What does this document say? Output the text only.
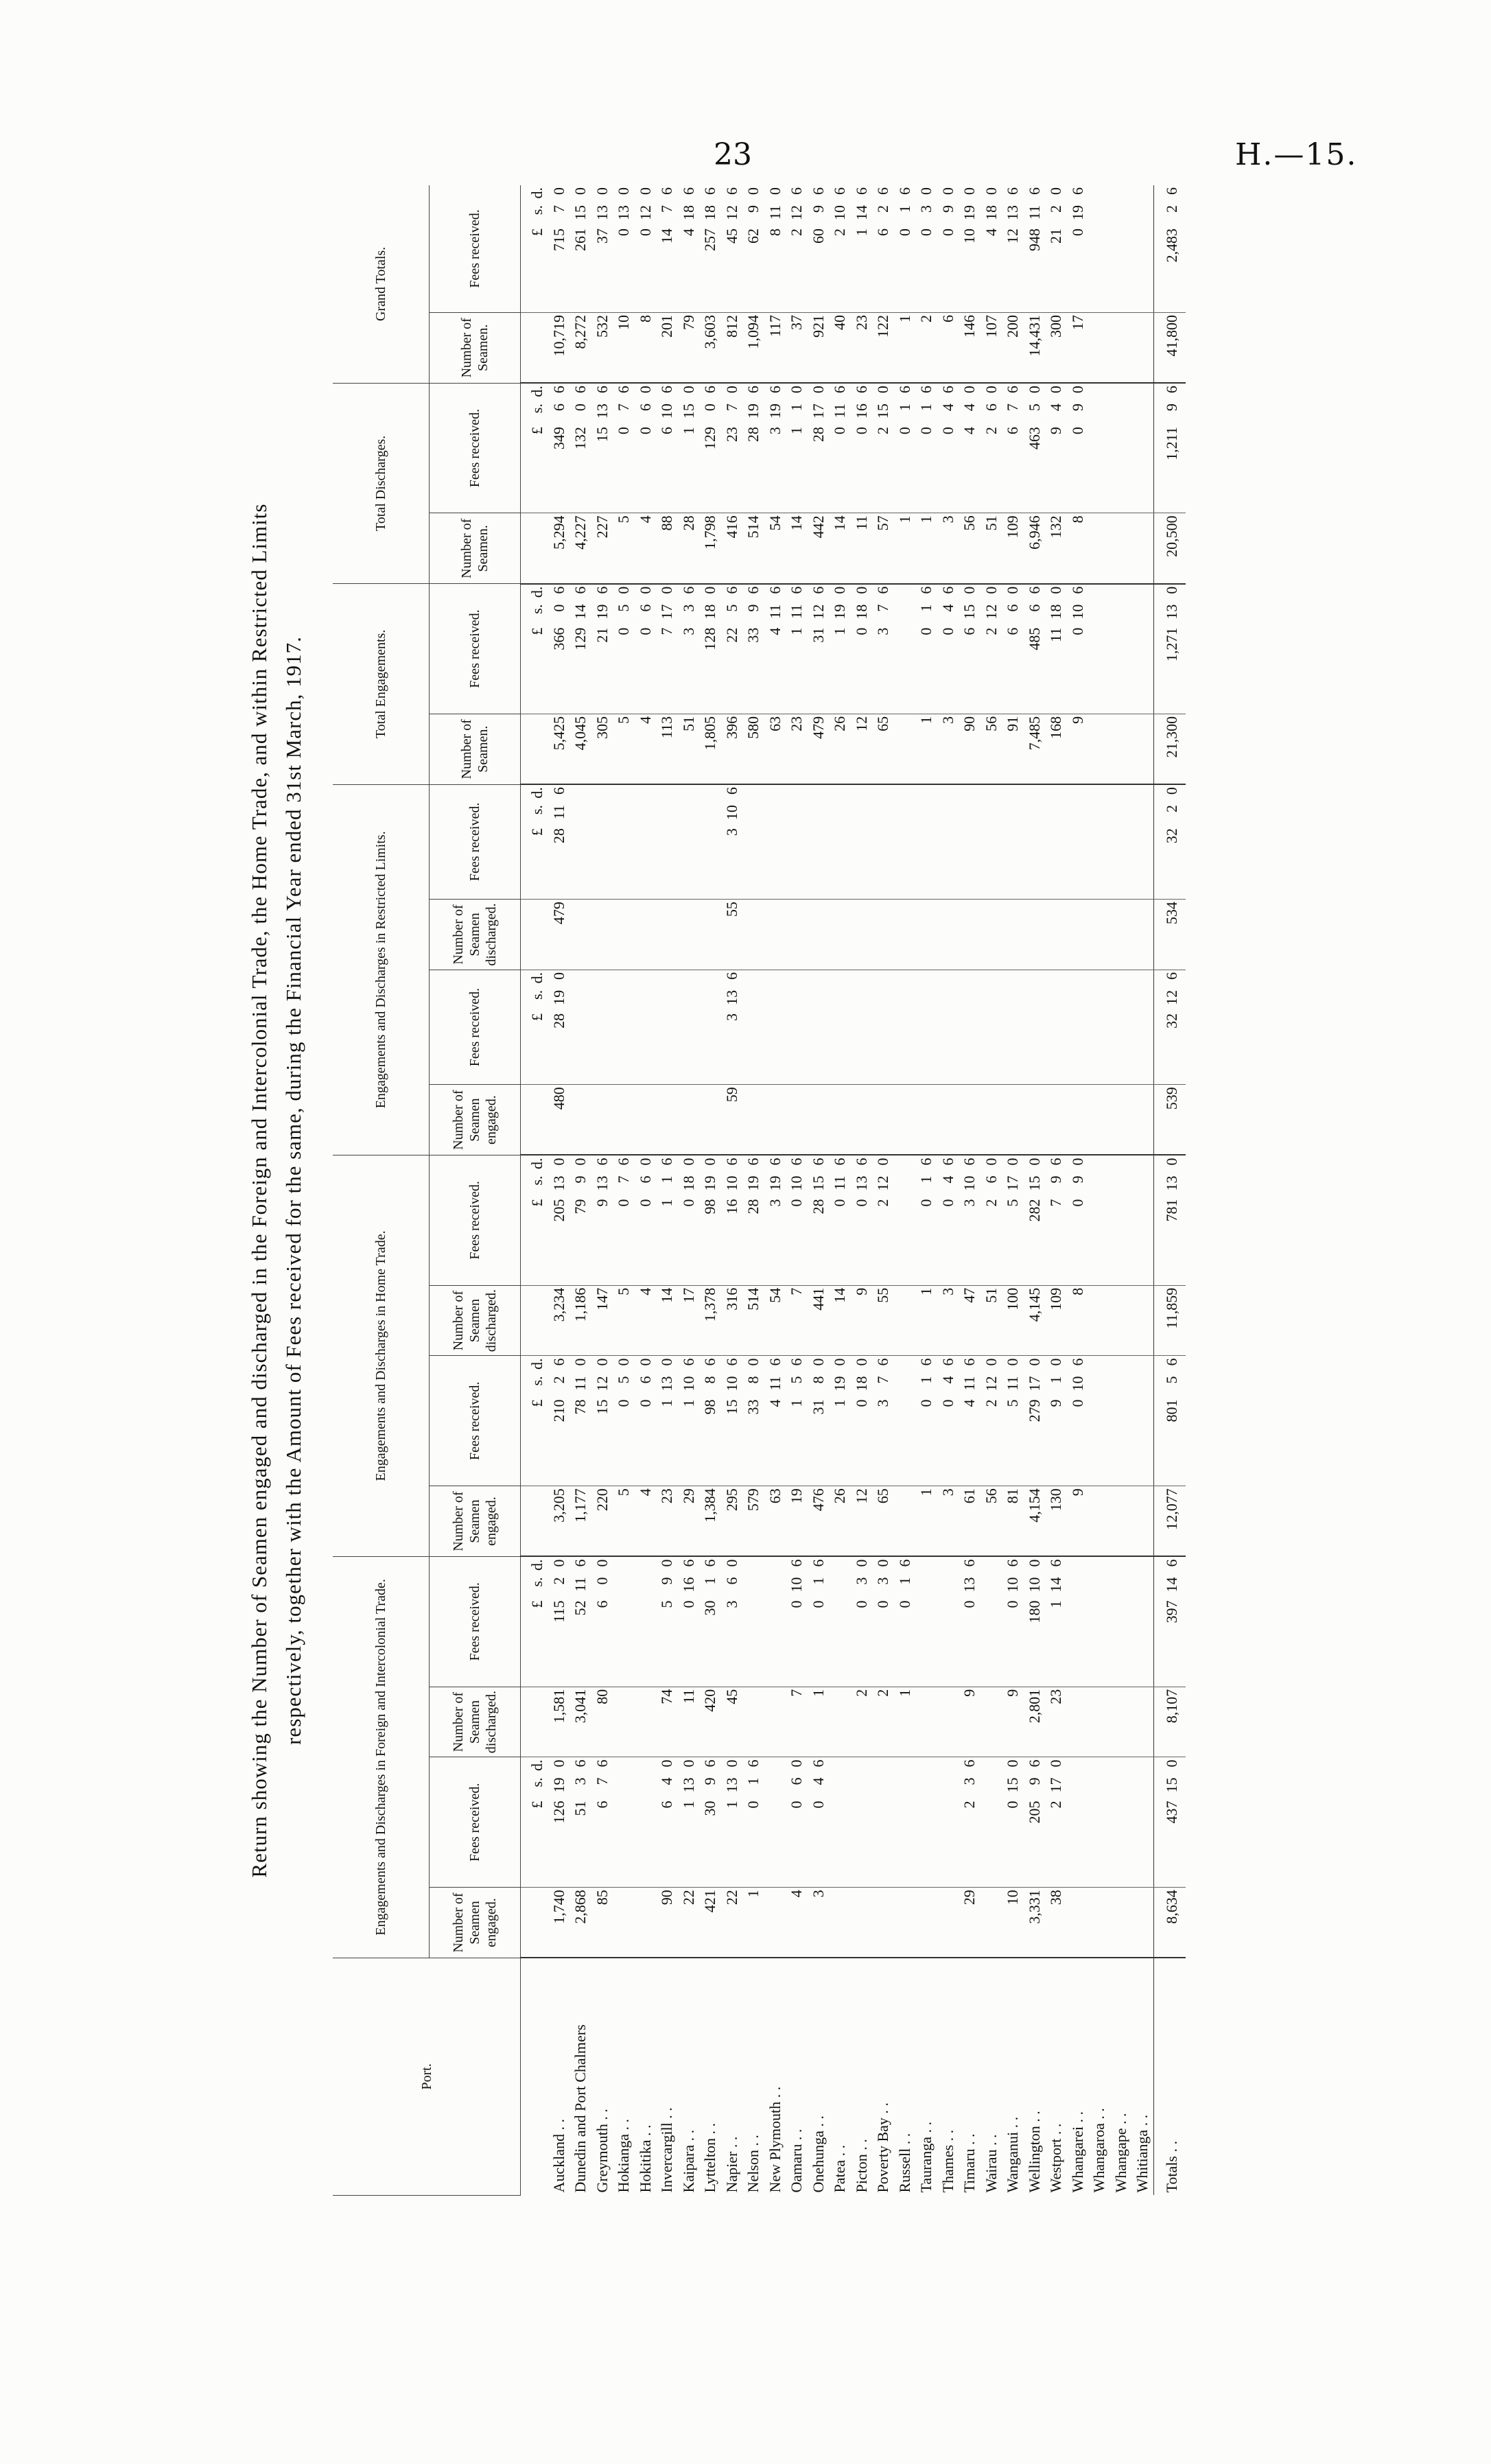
23	H.—15.
Return showing the Number of Seamen engaged and discharged in the Foreign and Intercolonial Trade, the Home Trade, and within Restricted Limits respectively, together with the Amount of Fees received for the same, during the Financial Year ended 31st March, 1917.
Port.	Engagements and Discharges in Foreign and Intercolonial Trade.				Engagements and Discharges in Home Trade.				Engagements and Discharges in Restricted Limits.				Total Engagements.		Total Discharges.		Grand Totals.	
	Number of Seamen engaged.	Fees received.	Number of Seamen discharged.	Fees received.	Number of Seamen engaged.	Fees received.	Number of Seamen discharged.	Fees received.	Number of Seamen engaged.	Fees received.	Number of Seamen discharged.	Fees received.	Number of Seamen.	Fees received.	Number of Seamen.	Fees received.	Number of Seamen.	Fees received.
		£s.d.		£s.d.		£s.d.		£s.d.		£s.d.		£s.d.		£s.d.		£s.d.		£s.d.
Auckland . .	1,740	126190	1,581	11520	3,205	21026	3,234	205130	480	28190	479	28116	5,425	36606	5,294	34966	10,719	71570
Dunedin and Port Chalmers	2,868	5136	3,041	52116	1,177	78110	1,186	7990					4,045	129146	4,227	13206	8,272	261150
Greymouth . .	85	676	80	600	220	15120	147	9136					305	21196	227	15136	532	37130
Hokianga . .					5	050	5	076					5	050	5	076	10	0130
Hokitika . .					4	060	4	060					4	060	4	060	8	0120
Invercargill . .	90	640	74	590	23	1130	14	116					113	7170	88	6106	201	1476
Kaipara . .	22	1130	11	0166	29	1106	17	0180					51	336	28	1150	79	4186
Lyttelton . .	421	3096	420	3016	1,384	9886	1,378	98190					1,805	128180	1,798	12906	3,603	257186
Napier . .	22	1130	45	360	295	15106	316	16106	59	3136	55	3106	396	2256	416	2370	812	45126
Nelson . .	1	016			579	3380	514	28196					580	3396	514	28196	1,094	6290
New Plymouth . .					63	4116	54	3196					63	4116	54	3196	117	8110
Oamaru . .	4	060	7	0106	19	156	7	0106					23	1116	14	110	37	2126
Onehunga . .	3	046	1	016	476	3180	441	28156					479	31126	442	28170	921	6096
Patea . .					26	1190	14	0116					26	1190	14	0116	40	2106
Picton . .			2	030	12	0180	9	0136					12	0180	11	0166	23	1146
Poverty Bay . .			2	030	65	376	55	2120					65	376	57	2150	122	626
Russell . .			1	016											1	016	1	016
Tauranga . .					1	016	1	016					1	016	1	016	2	030
Thames . .					3	046	3	046					3	046	3	046	6	090
Timaru . .	29	236	9	0136	61	4116	47	3106					90	6150	56	440	146	10190
Wairau . .					56	2120	51	260					56	2120	51	260	107	4180
Wanganui . .	10	0150	9	0106	81	5110	100	5170					91	660	109	676	200	12136
Wellington . .	3,331	20596	2,801	180100	4,154	279170	4,145	282150					7,485	48566	6,946	46350	14,431	948116
Westport . .	38	2170	23	1146	130	910	109	796					168	11180	132	940	300	2120
Whangarei . .					9	0106	8	090					9	0106	8	090	17	0196
Whangaroa . .																		
Whangape . .																		
Whitianga . .																		
Totals . .	8,634	437150	8,107	397146	12,077	80156	11,859	781130	539	32126	534	3220	21,300	1,271130	20,500	1,21196	41,800	2,48326
